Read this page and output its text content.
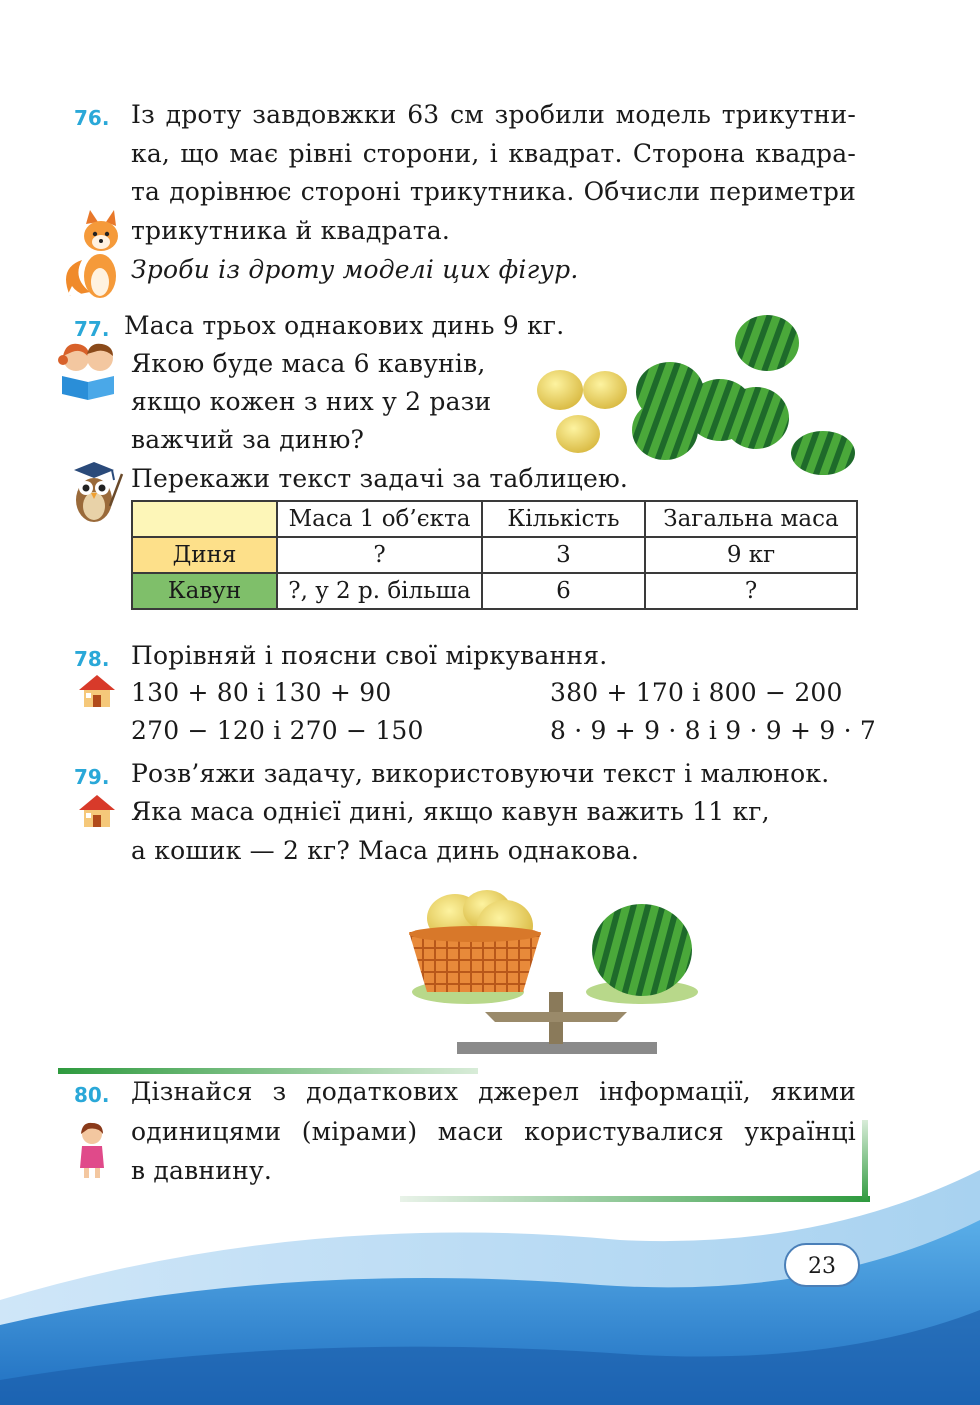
76. Із дроту завдовжки 63 см зробили модель трикутни-
ка, що має рівні сторони, і квадрат. Сторона квадра-
та дорівнює стороні трикутника. Обчисли периметри
трикутника й квадрата.
Зроби із дроту моделі цих фігур.
77. Маса трьох однакових динь 9 кг.
Якою буде маса 6 кавунів,
якщо кожен з них у 2 рази
важчий за диню?
Перекажи текст задачі за таблицею.
	Маса 1 об’єкта	Кількість	Загальна маса
Диня	?	3	9 кг
Кавун	?, у 2 р. більша	6	?
78. Порівняй і поясни свої міркування.
130 + 80 і 130 + 90
270 − 120 і 270 − 150
380 + 170 і 800 − 200
8 · 9 + 9 · 8 і 9 · 9 + 9 · 7
79. Розв’яжи задачу, використовуючи текст і малюнок.
Яка маса однієї дині, якщо кавун важить 11 кг,
а кошик — 2 кг? Маса динь однакова.
80. Дізнайся з додаткових джерел інформації, якими
одиницями (мірами) маси користувалися українці
в давнину.
23
